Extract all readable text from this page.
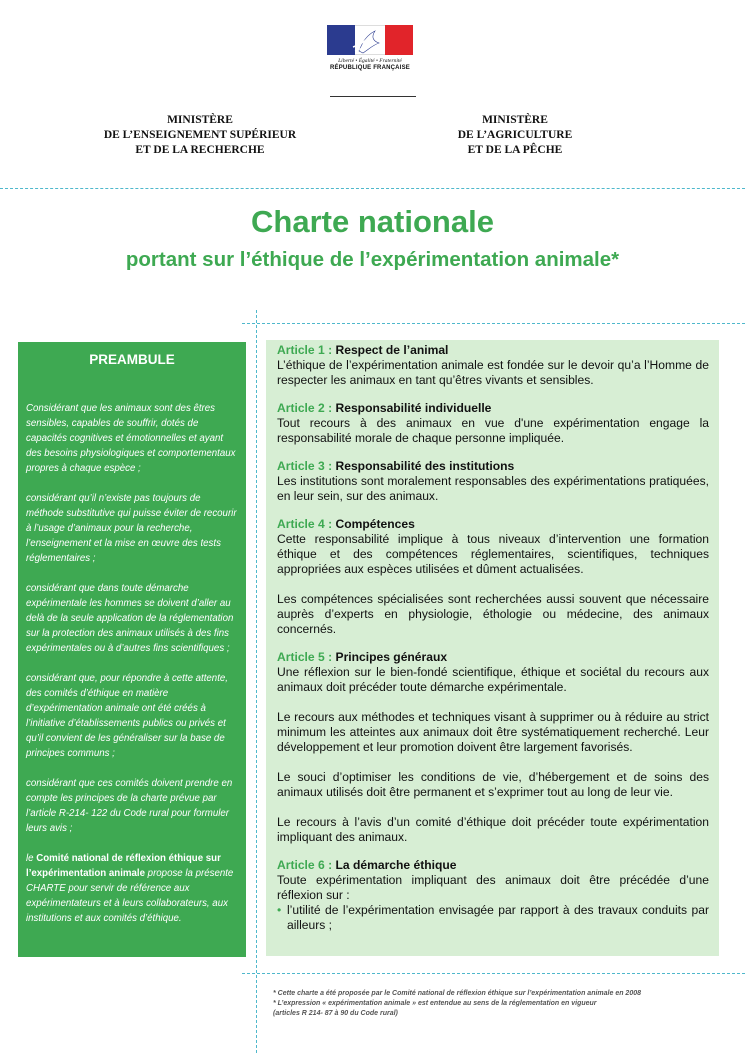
Liberté • Égalité • Fraternité
RÉPUBLIQUE FRANÇAISE
MINISTÈRE
DE L’ENSEIGNEMENT SUPÉRIEUR
ET DE LA RECHERCHE
MINISTÈRE
DE L’AGRICULTURE
ET DE LA PÊCHE
Charte nationale
portant sur l’éthique de l’expérimentation animale*
PREAMBULE

Considérant que les animaux sont des êtres sensibles, capables de souffrir, dotés de capacités cognitives et émotionnelles et ayant des besoins physiologiques et comportementaux propres à chaque espèce ;

considérant qu’il n’existe pas toujours de méthode substitutive qui puisse éviter de recourir à l’usage d’animaux pour la recherche, l’enseignement et la mise en œuvre des tests réglementaires ;

considérant que dans toute démarche expérimentale les hommes se doivent d’aller au delà de la seule application de la réglementation sur la protection des animaux utilisés à des fins expérimentales ou à d’autres fins scientifiques ;

considérant que, pour répondre à cette attente, des comités d’éthique en matière d’expérimentation animale ont été créés à l’initiative d’établissements publics ou privés et qu’il convient de les généraliser sur la base de principes communs ;

considérant que ces comités doivent prendre en compte les principes de la charte prévue par l’article R-214- 122 du Code rural pour formuler leurs avis ;

le Comité national de réflexion éthique sur l’expérimentation animale propose la présente CHARTE pour servir de référence aux expérimentateurs et à leurs collaborateurs, aux institutions et aux comités d’éthique.

Article 1 : Respect de l’animal
L’éthique de l’expérimentation animale est fondée sur le devoir qu’a l’Homme de respecter les animaux en tant qu’êtres vivants et sensibles.

Article 2 : Responsabilité individuelle
Tout recours à des animaux en vue d'une expérimentation engage la responsabilité morale de chaque personne impliquée.

Article 3 : Responsabilité des institutions
Les institutions sont moralement responsables des expérimentations pratiquées, en leur sein, sur des animaux.

Article 4 : Compétences
Cette responsabilité implique à tous niveaux d’intervention une formation éthique et des compétences réglementaires, scientifiques, techniques appropriées aux espèces utilisées et dûment actualisées.

Les compétences spécialisées sont recherchées aussi souvent que nécessaire auprès d’experts en physiologie, éthologie ou médecine, des animaux concernés.

Article 5 : Principes généraux
Une réflexion sur le bien-fondé scientifique, éthique et sociétal du recours aux animaux doit précéder toute démarche expérimentale.

Le recours aux méthodes et techniques visant à supprimer ou à réduire au strict minimum les atteintes aux animaux doit être systématiquement recherché. Leur développement et leur promotion doivent être largement favorisés.

Le souci d’optimiser les conditions de vie, d’hébergement et de soins des animaux utilisés doit être permanent et s’exprimer tout au long de leur vie.

Le recours à l’avis d’un comité d’éthique doit précéder toute expérimentation impliquant des animaux.

Article 6 : La démarche éthique
Toute expérimentation impliquant des animaux doit être précédée d’une réflexion sur :

• l’utilité de l’expérimentation envisagée par rapport à des travaux conduits par ailleurs ;
* Cette charte a été proposée par le Comité national de réflexion éthique sur l’expérimentation animale en 2008
* L’expression « expérimentation animale » est entendue au sens de la réglementation en vigueur
(articles R 214- 87 à 90 du Code rural)
